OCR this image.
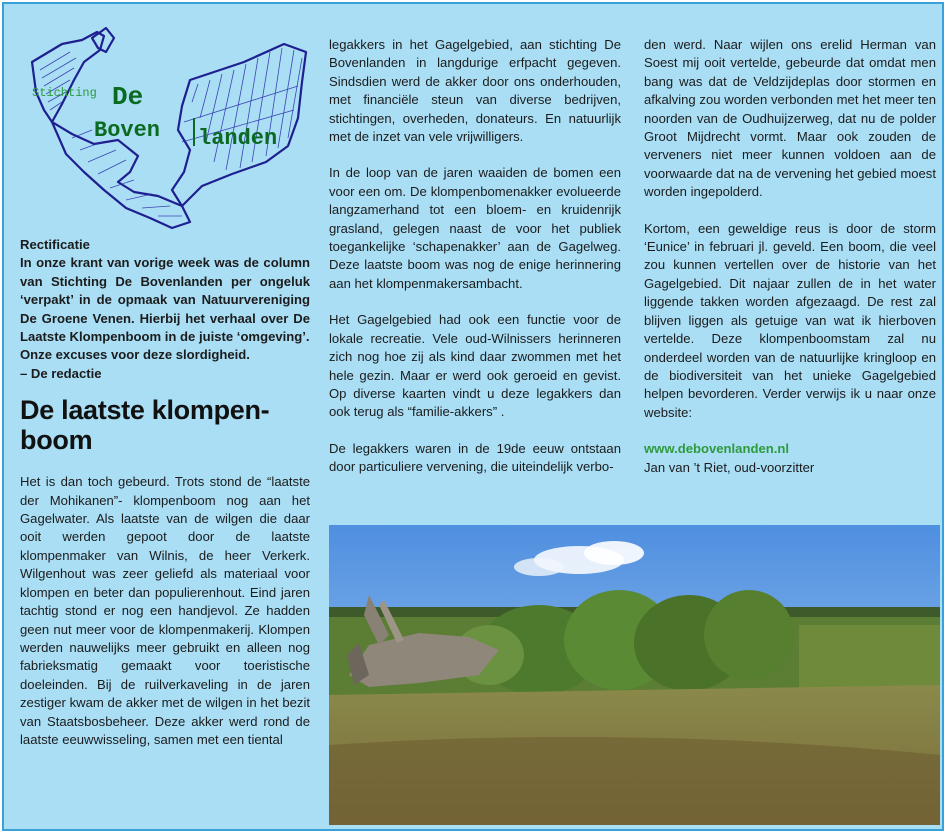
Stichting De
Boven landen
Rectificatie
In onze krant van vorige week was de column van Stichting De Bovenlanden per ongeluk ‘verpakt’ in de opmaak van Natuurvereniging De Groene Venen. Hierbij het verhaal over De Laatste Klompenboom in de juiste ‘omgeving’.
Onze excuses voor deze slordigheid.
– De redactie
De laatste klompen-boom

Het is dan toch gebeurd. Trots stond de “laatste der Mohikanen”- klompenboom nog aan het Gagelwater. Als laatste van de wilgen die daar ooit werden gepoot door de laatste klompenmaker van Wilnis, de heer Verkerk. Wilgenhout was zeer geliefd als materiaal voor klompen en beter dan populierenhout. Eind jaren tachtig stond er nog een handjevol. Ze hadden geen nut meer voor de klompenmakerij. Klompen werden nauwelijks meer gebruikt en alleen nog fabrieksmatig gemaakt voor toeristische doeleinden. Bij de ruilverkaveling in de jaren zestiger kwam de akker met de wilgen in het bezit van Staatsbosbeheer. Deze akker werd rond de laatste eeuwwisseling, samen met een tiental

legakkers in het Gagelgebied, aan stichting De Bovenlanden in langdurige erfpacht gegeven. Sindsdien werd de akker door ons onderhouden, met financiële steun van diverse bedrijven, stichtingen, overheden, donateurs. En natuurlijk met de inzet van vele vrijwilligers.

In de loop van de jaren waaiden de bomen een voor een om. De klompenbomenakker evolueerde langzamerhand tot een bloem- en kruidenrijk grasland, gelegen naast de voor het publiek toegankelijke ‘schapenakker’ aan de Gagelweg. Deze laatste boom was nog de enige herinnering aan het klompenmakersambacht.

Het Gagelgebied had ook een functie voor de lokale recreatie. Vele oud-Wilnissers herinneren zich nog hoe zij als kind daar zwommen met het hele gezin. Maar er werd ook geroeid en gevist. Op diverse kaarten vindt u deze legakkers dan ook terug als “familie-akkers” .

De legakkers waren in de 19de eeuw ontstaan door particuliere vervening, die uiteindelijk verbo-

den werd. Naar wijlen ons erelid Herman van Soest mij ooit vertelde, gebeurde dat omdat men bang was dat de Veldzijdeplas door stormen en afkalving zou worden verbonden met het meer ten noorden van de Oudhuijzerweg, dat nu de polder Groot Mijdrecht vormt. Maar ook zouden de verveners niet meer kunnen voldoen aan de voorwaarde dat na de vervening het gebied moest worden ingepolderd.

Kortom, een geweldige reus is door de storm ‘Eunice’ in februari jl. geveld. Een boom, die veel zou kunnen vertellen over de historie van het Gagelgebied. Dit najaar zullen de in het water liggende takken worden afgezaagd. De rest zal blijven liggen als getuige van wat ik hierboven vertelde. Deze klompenboomstam zal nu onderdeel worden van de natuurlijke kringloop en de biodiversiteit van het unieke Gagelgebied helpen bevorderen. Verder verwijs ik u naar onze website:

www.debovenlanden.nl
Jan van ’t Riet, oud-voorzitter
